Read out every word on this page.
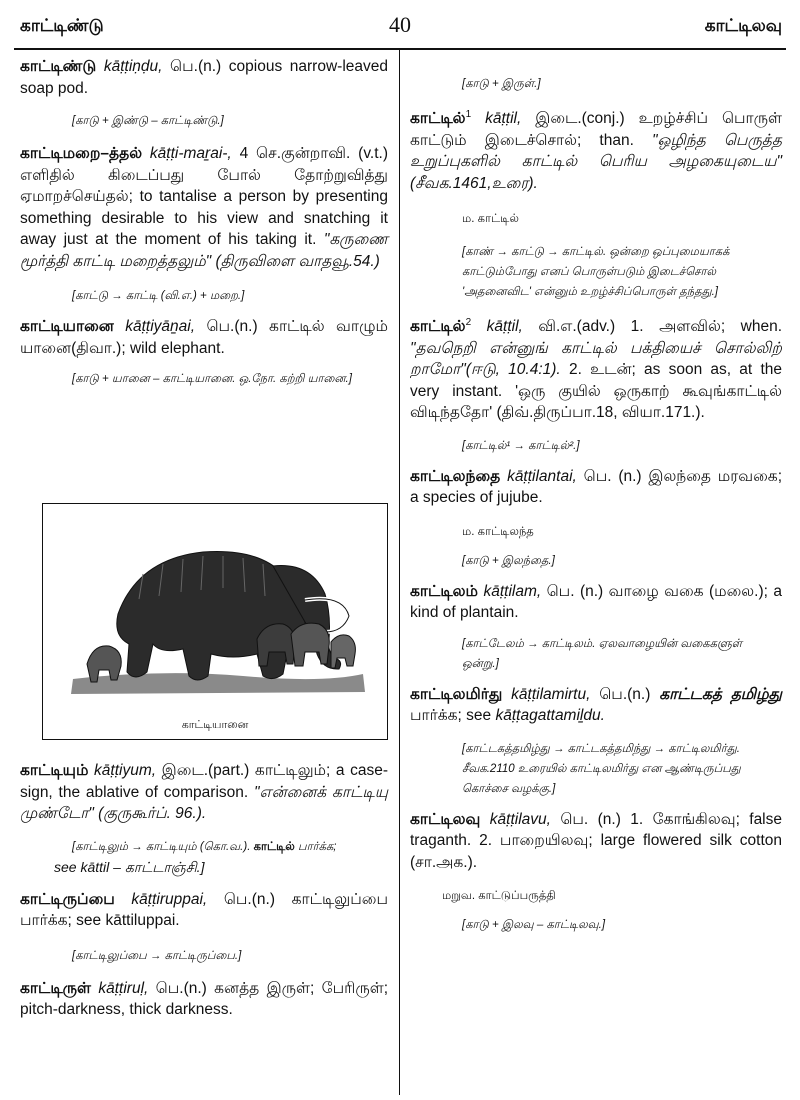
காட்டிண்டு	40	காட்டிலவு
காட்டிண்டு kāṭṭiṇḍu, பெ.(n.) copious narrow-leaved soap pod.
[காடு + இண்டு – காட்டிண்டு.]
காட்டிமறை–த்தல் kāṭṭi-maṟai-, 4 செ.குன்றாவி. (v.t.) எளிதில் கிடைப்பது போல் தோற்றுவித்து ஏமாறச்செய்தல்; to tantalise a person by presenting something desirable to his view and snatching it away just at the moment of his taking it. "கருணை மூர்த்தி காட்டி மறைத்தலும்" (திருவிளை வாதவூ.54.)
[காட்டு → காட்டி (வி.எ.) + மறை.]
காட்டியானை kāṭṭiyāṉai, பெ.(n.) காட்டில் வாழும் யானை(திவா.); wild elephant.
[காடு + யானை – காட்டியானை. ஒ.நோ. கற்றி யானை.]
காட்டியானை
காட்டியும் kāṭṭiyum, இடை.(part.) காட்டிலும்; a case-sign, the ablative of comparison. "என்னைக் காட்டியு முண்டோ" (குருகூர்ப். 96.).
[காட்டிலும் → காட்டியும் (கொ.வ.). காட்டில் பார்க்க;
see kāttil – காட்டாஞ்சி.]
காட்டிருப்பை kāṭṭiruppai, பெ.(n.) காட்டிலுப்பை பார்க்க; see kāttiluppai.
[காட்டிலுப்பை → காட்டிருப்பை.]
காட்டிருள் kāṭṭiruḷ, பெ.(n.) கனத்த இருள்; பேரிருள்; pitch-darkness, thick darkness.
[காடு + இருள்.]
காட்டில்$^1$ kāṭṭil, இடை.(conj.) உறழ்ச்சிப் பொருள் காட்டும் இடைச்சொல்; than. "ஒழிந்த பெருத்த உறுப்புகளில் காட்டில் பெரிய அழகையுடைய" (சீவக.1461,உரை).
ம. காட்டில்
[காண் → காட்டு → காட்டில். ஒன்றை ஒப்புமையாகக் காட்டும்போது எனப் பொருள்படும் இடைச்சொல் 'அதனைவிட' என்னும் உறழ்ச்சிப்பொருள் தந்தது.]
காட்டில்$^2$ kāṭṭil, வி.எ.(adv.) 1. அளவில்; when. "தவநெறி என்னுங் காட்டில் பக்தியைச் சொல்லிற் றாமோ"(ஈடு, 10.4:1). 2. உடன்; as soon as, at the very instant. 'ஒரு குயில் ஒருகாற் கூவுங்காட்டில் விடிந்ததோ' (திவ்.திருப்பா.18, வியா.171.).
[காட்டில்¹ → காட்டில்².]
காட்டிலந்தை kāṭṭilantai, பெ. (n.) இலந்தை மரவகை; a species of jujube.
ம. காட்டிலந்த
[காடு + இலந்தை.]
காட்டிலம் kāṭṭilam, பெ. (n.) வாழை வகை (மலை.); a kind of plantain.
[காட்டேலம் → காட்டிலம். ஏலவாழையின் வகைகளுள் ஒன்று.]
காட்டிலமிர்து kāṭṭilamirtu, பெ.(n.) காட்டகத் தமிழ்து பார்க்க; see kāṭṭagattamiḻdu.
[காட்டகத்தமிழ்து → காட்டகத்தமிந்து → காட்டிலமிர்து. சீவக.2110 உரையில் காட்டிலமிர்து என ஆண்டிருப்பது கொச்சை வழக்கு.]
காட்டிலவு kāṭṭilavu, பெ. (n.) 1. கோங்கிலவு; false traganth. 2. பாறையிலவு; large flowered silk cotton (சா.அக.).
மறுவ. காட்டுப்பருத்தி
[காடு + இலவு – காட்டிலவு.]
